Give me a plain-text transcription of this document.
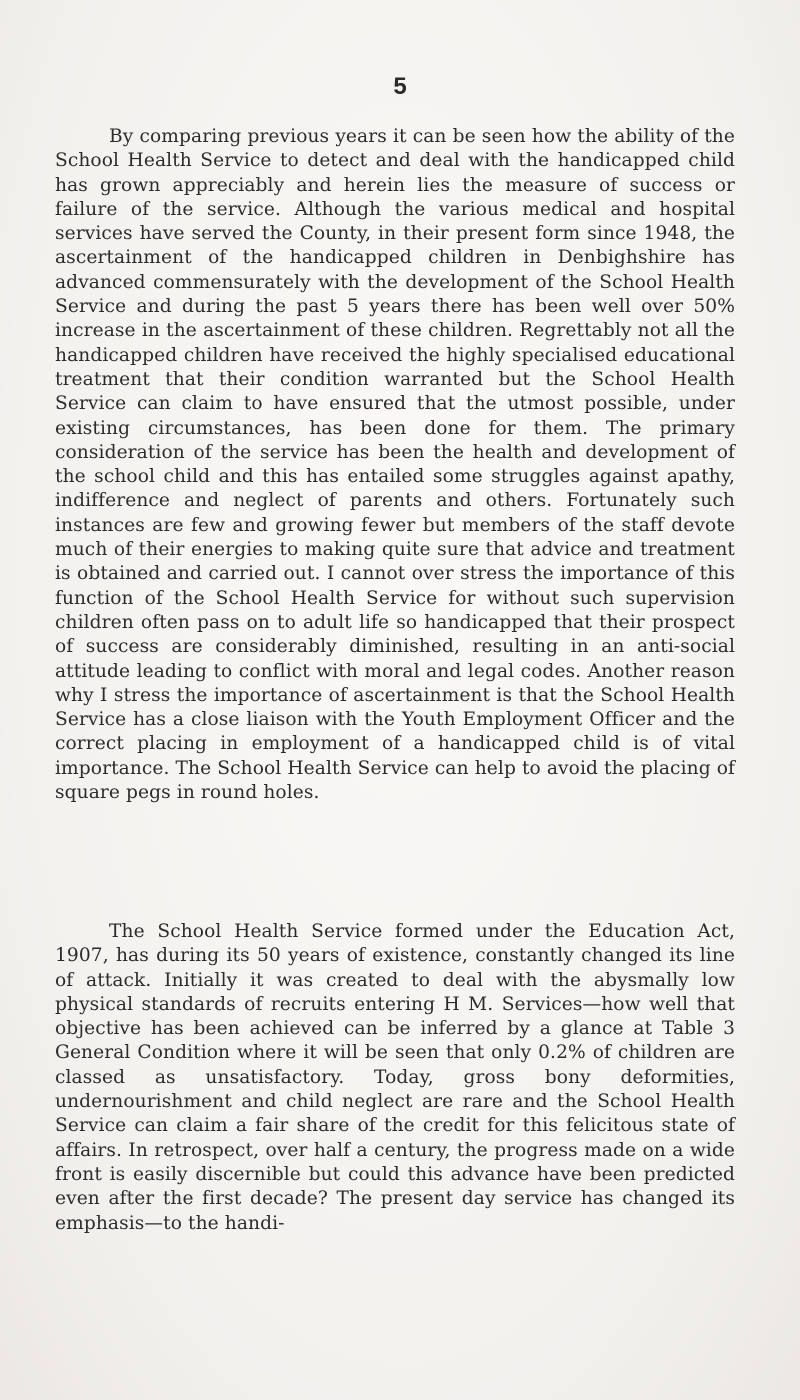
5

By comparing previous years it can be seen how the ability of the School Health Service to detect and deal with the handicapped child has grown appreciably and herein lies the measure of success or failure of the service. Although the various medical and hospital services have served the County, in their present form since 1948, the ascertainment of the handicapped children in Denbighshire has advanced commensurately with the development of the School Health Service and during the past 5 years there has been well over 50% increase in the ascertainment of these children. Regrettably not all the handicapped children have received the highly specialised educational treatment that their condition warranted but the School Health Service can claim to have ensured that the utmost possible, under existing circumstances, has been done for them. The primary consideration of the service has been the health and development of the school child and this has entailed some struggles against apathy, indifference and neglect of parents and others. Fortunately such instances are few and growing fewer but members of the staff devote much of their energies to making quite sure that advice and treatment is obtained and carried out. I cannot over stress the importance of this function of the School Health Service for without such supervision children often pass on to adult life so handicapped that their prospect of success are considerably diminished, resulting in an anti-social attitude leading to conflict with moral and legal codes. Another reason why I stress the importance of ascertainment is that the School Health Service has a close liaison with the Youth Employment Officer and the correct placing in employment of a handicapped child is of vital importance. The School Health Service can help to avoid the placing of square pegs in round holes.

The School Health Service formed under the Education Act, 1907, has during its 50 years of existence, constantly changed its line of attack. Initially it was created to deal with the abysmally low physical standards of recruits entering H M. Services—how well that objective has been achieved can be inferred by a glance at Table 3 General Condition where it will be seen that only 0.2% of children are classed as unsatisfactory. Today, gross bony deformities, undernourishment and child neglect are rare and the School Health Service can claim a fair share of the credit for this felicitous state of affairs. In retrospect, over half a century, the progress made on a wide front is easily discernible but could this advance have been predicted even after the first decade? The present day service has changed its emphasis—to the handi-
